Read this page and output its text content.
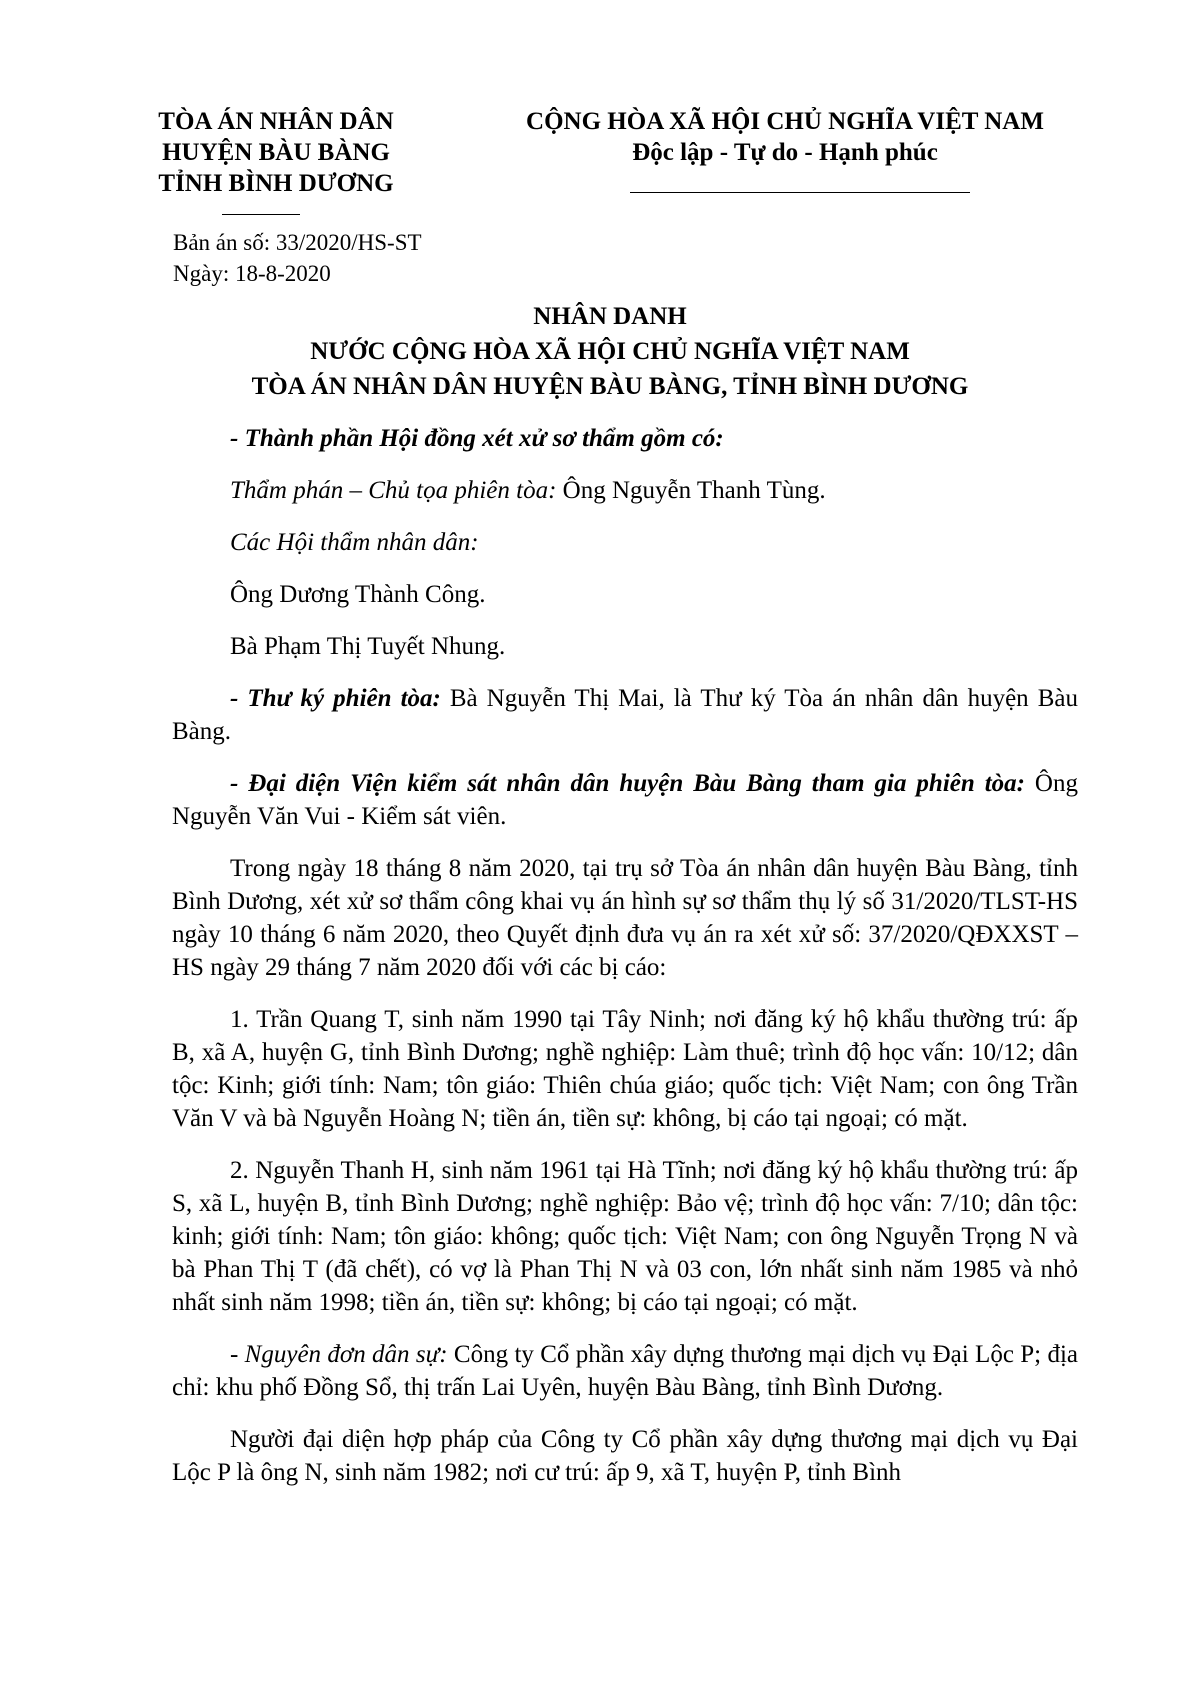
TÒA ÁN NHÂN DÂN
HUYỆN BÀU BÀNG
TỈNH BÌNH DƯƠNG
CỘNG HÒA XÃ HỘI CHỦ NGHĨA VIỆT NAM
Độc lập - Tự do - Hạnh phúc
Bản án số: 33/2020/HS-ST
Ngày: 18-8-2020
NHÂN DANH
NƯỚC CỘNG HÒA XÃ HỘI CHỦ NGHĨA VIỆT NAM
TÒA ÁN NHÂN DÂN HUYỆN BÀU BÀNG, TỈNH BÌNH DƯƠNG

- Thành phần Hội đồng xét xử sơ thẩm gồm có:

Thẩm phán – Chủ tọa phiên tòa: Ông Nguyễn Thanh Tùng.

Các Hội thẩm nhân dân:

Ông Dương Thành Công.

Bà Phạm Thị Tuyết Nhung.

- Thư ký phiên tòa: Bà Nguyễn Thị Mai, là Thư ký Tòa án nhân dân huyện Bàu Bàng.

- Đại diện Viện kiểm sát nhân dân huyện Bàu Bàng tham gia phiên tòa: Ông Nguyễn Văn Vui - Kiểm sát viên.

Trong ngày 18 tháng 8 năm 2020, tại trụ sở Tòa án nhân dân huyện Bàu Bàng, tỉnh Bình Dương, xét xử sơ thẩm công khai vụ án hình sự sơ thẩm thụ lý số 31/2020/TLST-HS ngày 10 tháng 6 năm 2020, theo Quyết định đưa vụ án ra xét xử số: 37/2020/QĐXXST – HS ngày 29 tháng 7 năm 2020 đối với các bị cáo:

1. Trần Quang T, sinh năm 1990 tại Tây Ninh; nơi đăng ký hộ khẩu thường trú: ấp B, xã A, huyện G, tỉnh Bình Dương; nghề nghiệp: Làm thuê; trình độ học vấn: 10/12; dân tộc: Kinh; giới tính: Nam; tôn giáo: Thiên chúa giáo; quốc tịch: Việt Nam; con ông Trần Văn V và bà Nguyễn Hoàng N; tiền án, tiền sự: không, bị cáo tại ngoại; có mặt.

2. Nguyễn Thanh H, sinh năm 1961 tại Hà Tĩnh; nơi đăng ký hộ khẩu thường trú: ấp S, xã L, huyện B, tỉnh Bình Dương; nghề nghiệp: Bảo vệ; trình độ học vấn: 7/10; dân tộc: kinh; giới tính: Nam; tôn giáo: không; quốc tịch: Việt Nam; con ông Nguyễn Trọng N và bà Phan Thị T (đã chết), có vợ là Phan Thị N và 03 con, lớn nhất sinh năm 1985 và nhỏ nhất sinh năm 1998; tiền án, tiền sự: không; bị cáo tại ngoại; có mặt.

- Nguyên đơn dân sự: Công ty Cổ phần xây dựng thương mại dịch vụ Đại Lộc P; địa chỉ: khu phố Đồng Sổ, thị trấn Lai Uyên, huyện Bàu Bàng, tỉnh Bình Dương.

Người đại diện hợp pháp của Công ty Cổ phần xây dựng thương mại dịch vụ Đại Lộc P là ông N, sinh năm 1982; nơi cư trú: ấp 9, xã T, huyện P, tỉnh Bình
